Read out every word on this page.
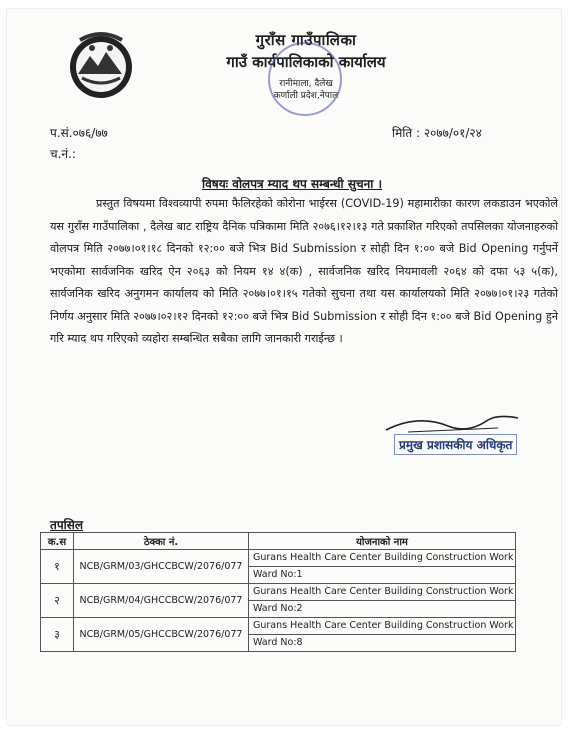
गुराँस गाउँपालिका
गाउँ कार्यपालिकाको कार्यालय
रानीमाला, दैलेख
कर्णाली प्रदेश,नेपाल
प.सं.०७६/७७
च.नं.:
मिति : २०७७/०१/२४
विषयः वोलपत्र म्याद थप सम्बन्धी सुचना ।
प्रस्तुत विषयमा विश्वव्यापी रुपमा फैलिरहेको कोरोना भाईरस (COVID-19) महामारीका कारण लकडाउन भएकोले यस गुराँस गाउँपालिका , दैलेख बाट राष्ट्रिय दैनिक पत्रिकामा मिति २०७६।१२।१३ गते प्रकाशित गरिएको तपसिलका योजनाहरुको वोलपत्र मिति २०७७।०१।१८ दिनको १२:०० बजे भित्र Bid Submission र सोही दिन १:०० बजे Bid Opening गर्नुपर्ने भएकोमा सार्वजनिक खरिद ऐन २०६३ को नियम १४ ४(क) , सार्वजनिक खरिद नियमावली २०६४ को दफा ५३ ५(क), सार्वजनिक खरिद अनुगमन कार्यालय को मिति २०७७।०१।१५ गतेको सुचना तथा यस कार्यालयको मिति २०७७।०१।२३ गतेको निर्णय अनुसार मिति २०७७।०२।१२ दिनको १२:०० बजे भित्र Bid Submission र सोही दिन १:०० बजे Bid Opening हुने गरि म्याद थप गरिएको व्यहोरा सम्बन्धित सबैका लागि जानकारी गराईन्छ ।
प्रमुख प्रशासकीय अधिकृत
तपसिल
क.स	ठेक्का नं.	योजनाको नाम
१	NCB/GRM/03/GHCCBCW/2076/077	Gurans Health Care Center Building Construction Work
Ward No:1

२	NCB/GRM/04/GHCCBCW/2076/077	Gurans Health Care Center Building Construction Work
Ward No:2

३	NCB/GRM/05/GHCCBCW/2076/077	Gurans Health Care Center Building Construction Work
Ward No:8
